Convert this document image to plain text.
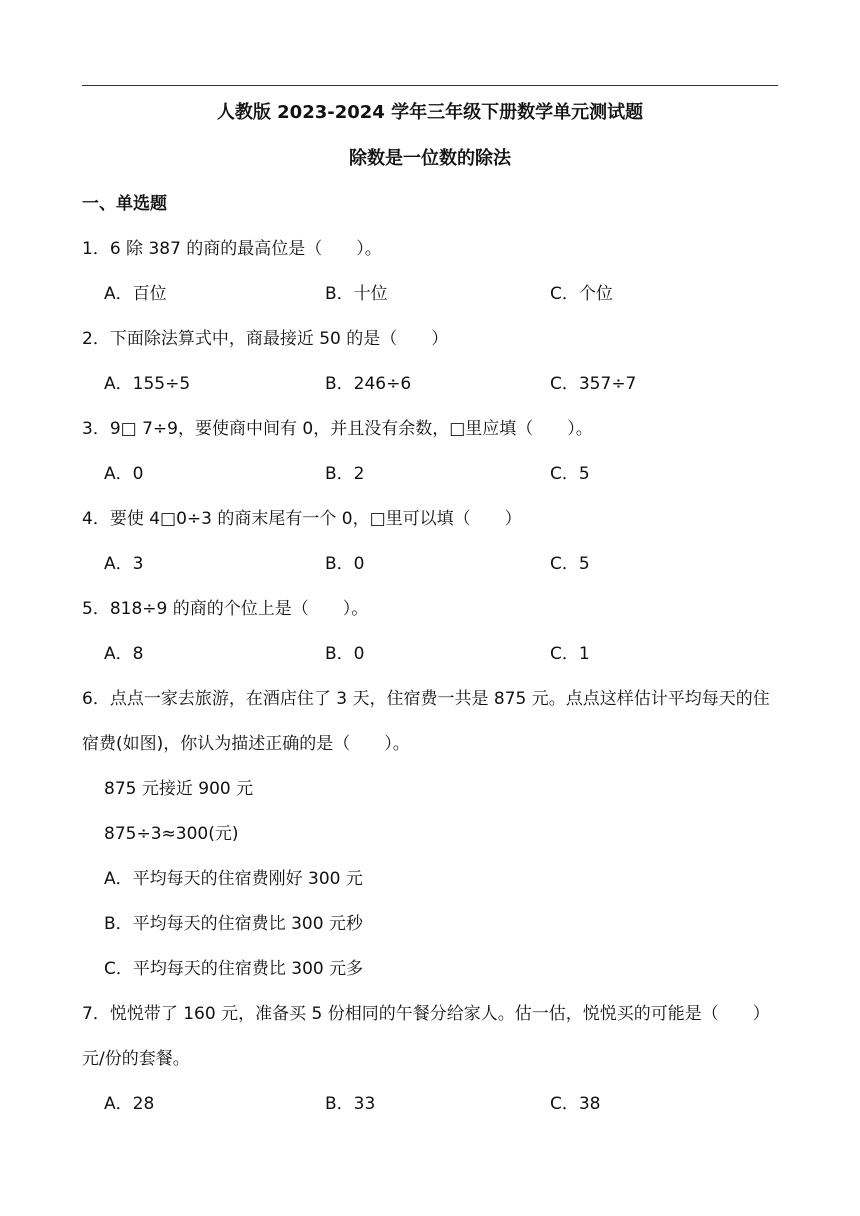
人教版 2023-2024 学年三年级下册数学单元测试题
除数是一位数的除法
一、单选题
1．6 除 387 的商的最高位是（　　）。
A．百位	B．十位	C．个位
2．下面除法算式中，商最接近 50 的是（　　）
A．155÷5	B．246÷6	C．357÷7
3．9□ 7÷9，要使商中间有 0，并且没有余数，□里应填（　　）。
A．0	B．2	C．5
4．要使 4□0÷3 的商末尾有一个 0，□里可以填（　　）
A．3	B．0	C．5
5．818÷9 的商的个位上是（　　）。
A．8	B．0	C．1
6．点点一家去旅游，在酒店住了 3 天，住宿费一共是 875 元。点点这样估计平均每天的住
宿费(如图)，你认为描述正确的是（　　）。
875 元接近 900 元
875÷3≈300(元)
A．平均每天的住宿费刚好 300 元
B．平均每天的住宿费比 300 元秒
C．平均每天的住宿费比 300 元多
7．悦悦带了 160 元，准备买 5 份相同的午餐分给家人。估一估，悦悦买的可能是（　　）
元/份的套餐。
A．28	B．33	C．38
